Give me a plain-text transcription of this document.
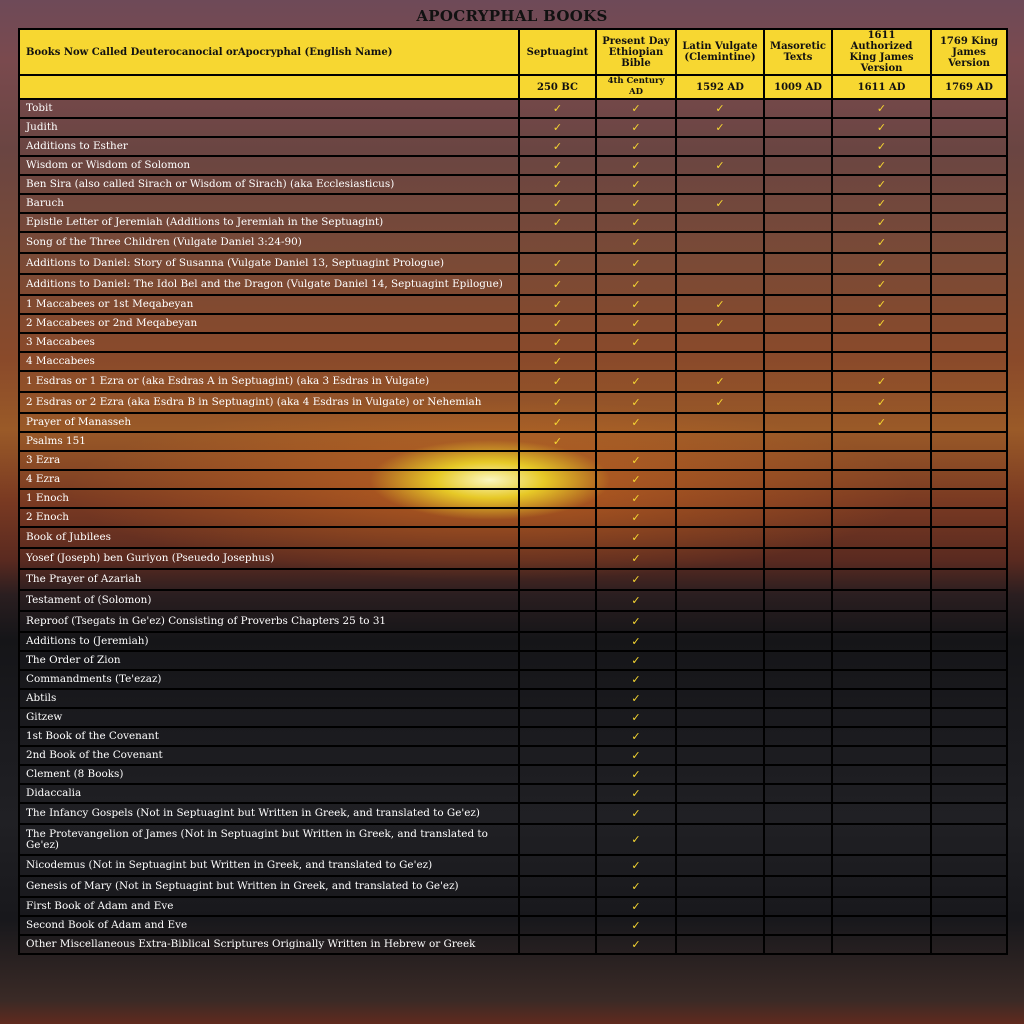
APOCRYPHAL BOOKS
Books Now Called Deuterocanocial orApocryphal (English Name)	Septuagint	Present Day Ethiopian Bible	Latin Vulgate (Clemintine)	Masoretic Texts	1611 Authorized King James Version	1769 King James Version
	250 BC	4th Century AD	1592 AD	1009 AD	1611 AD	1769 AD
Tobit	✓	✓	✓		✓	
Judith	✓	✓	✓		✓	
Additions to Esther	✓	✓			✓	
Wisdom or Wisdom of Solomon	✓	✓	✓		✓	
Ben Sira (also called Sirach or Wisdom of Sirach) (aka Ecclesiasticus)	✓	✓			✓	
Baruch	✓	✓	✓		✓	
Epistle Letter of Jeremiah (Additions to Jeremiah in the Septuagint)	✓	✓			✓	
Song of the Three Children (Vulgate Daniel 3:24-90)		✓			✓	
Additions to Daniel: Story of Susanna (Vulgate Daniel 13, Septuagint Prologue)	✓	✓			✓	
Additions to Daniel: The Idol Bel and the Dragon (Vulgate Daniel 14, Septuagint Epilogue)	✓	✓			✓	
1 Maccabees or 1st Meqabeyan	✓	✓	✓		✓	
2 Maccabees or 2nd Meqabeyan	✓	✓	✓		✓	
3 Maccabees	✓	✓				
4 Maccabees	✓					
1 Esdras or 1 Ezra or (aka Esdras A in Septuagint) (aka 3 Esdras in Vulgate)	✓	✓	✓		✓	
2 Esdras or 2 Ezra (aka Esdra B in Septuagint) (aka 4 Esdras in Vulgate) or Nehemiah	✓	✓	✓		✓	
Prayer of Manasseh	✓	✓			✓	
Psalms 151	✓					
3 Ezra		✓				
4 Ezra		✓				
1 Enoch		✓				
2 Enoch		✓				
Book of Jubilees		✓				
Yosef (Joseph) ben Guriyon (Pseuedo Josephus)		✓				
The Prayer of Azariah		✓				
Testament of (Solomon)		✓				
Reproof (Tsegats in Ge'ez) Consisting of Proverbs Chapters 25 to 31		✓				
Additions to (Jeremiah)		✓				
The Order of Zion		✓				
Commandments (Te'ezaz)		✓				
Abtils		✓				
Gitzew		✓				
1st Book of the Covenant		✓				
2nd Book of the Covenant		✓				
Clement (8 Books)		✓				
Didaccalia		✓				
The Infancy Gospels (Not in Septuagint but Written in Greek, and translated to Ge'ez)		✓				
The Protevangelion of James (Not in Septuagint but Written in Greek, and translated to Ge'ez)		✓				
Nicodemus (Not in Septuagint but Written in Greek, and translated to Ge'ez)		✓				
Genesis of Mary (Not in Septuagint but Written in Greek, and translated to Ge'ez)		✓				
First Book of Adam and Eve		✓				
Second Book of Adam and Eve		✓				
Other Miscellaneous Extra-Biblical Scriptures Originally Written in Hebrew or Greek		✓				
